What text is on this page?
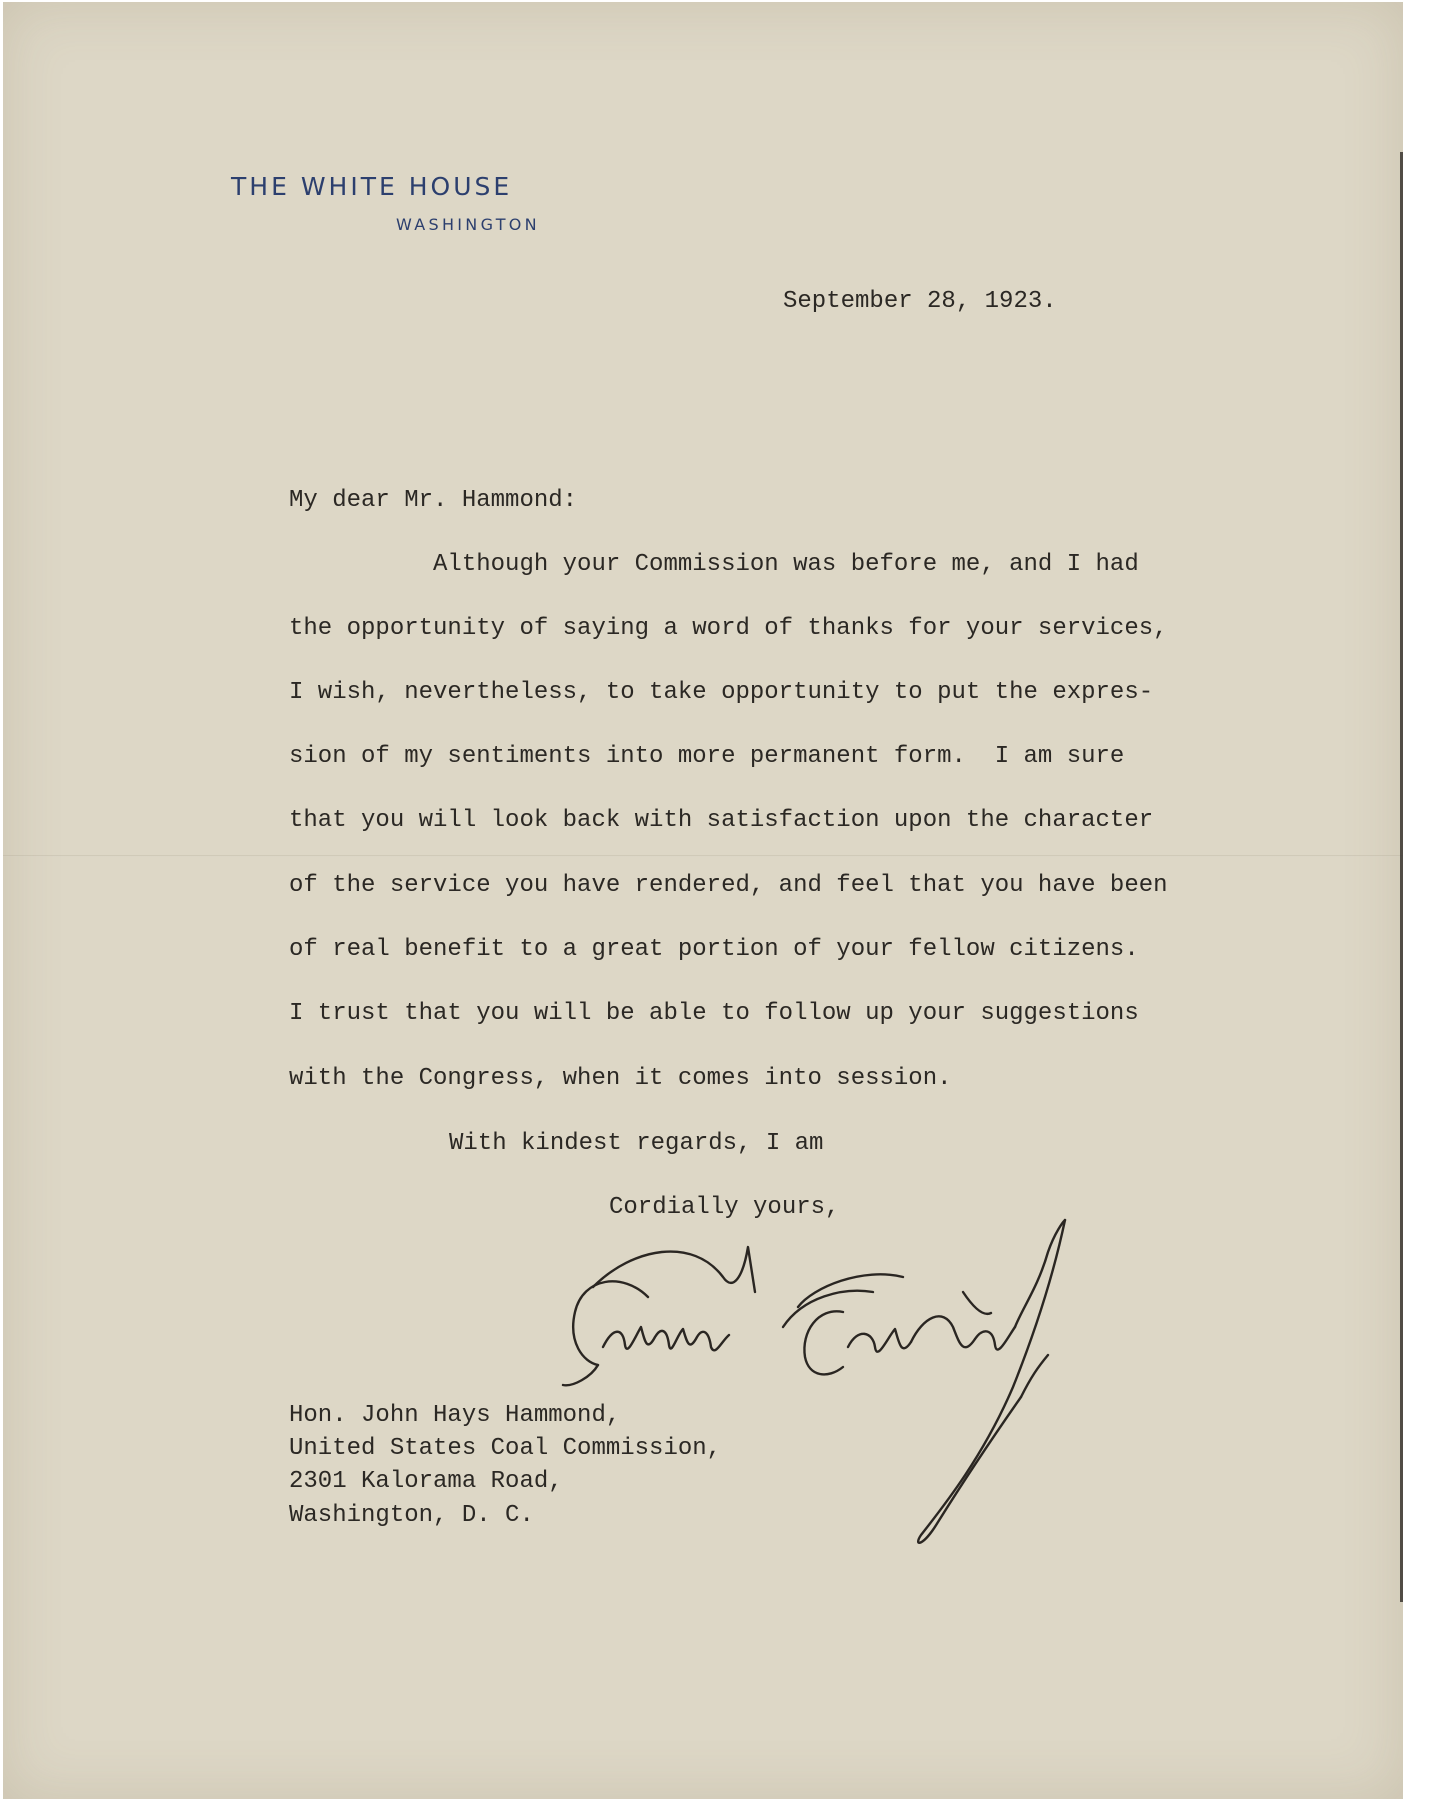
THE WHITE HOUSE
WASHINGTON
September 28, 1923.
My dear Mr. Hammond:
Although your Commission was before me, and I had
the opportunity of saying a word of thanks for your services,
I wish, nevertheless, to take opportunity to put the expres-
sion of my sentiments into more permanent form.  I am sure
that you will look back with satisfaction upon the character
of the service you have rendered, and feel that you have been
of real benefit to a great portion of your fellow citizens.
I trust that you will be able to follow up your suggestions
with the Congress, when it comes into session.
With kindest regards, I am
Cordially yours,
Hon. John Hays Hammond,
United States Coal Commission,
2301 Kalorama Road,
Washington, D. C.
